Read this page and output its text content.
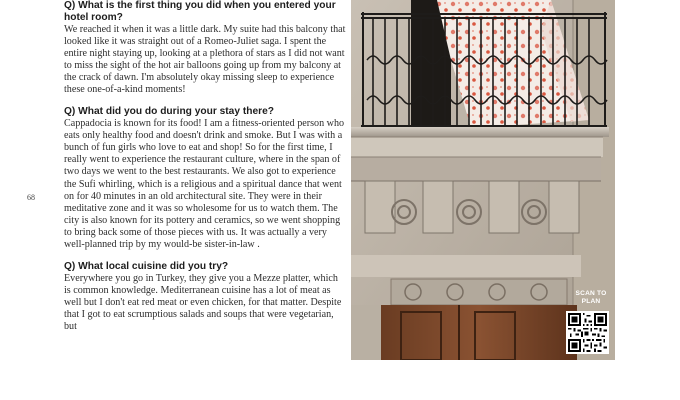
68

Q) What is the first thing you did when you entered your hotel room?

We reached it when it was a little dark. My suite had this balcony that looked like it was straight out of a Romeo-Juliet saga. I spent the entire night staying up, looking at a plethora of stars as I did not want to miss the sight of the hot air balloons going up from my balcony at the crack of dawn. I'm absolutely okay missing sleep to experience these one-of-a-kind moments!

Q) What did you do during your stay there?

Cappadocia is known for its food! I am a fitness-oriented person who eats only healthy food and doesn't drink and smoke. But I was with a bunch of fun girls who love to eat and shop! So for the first time, I really went to experience the restaurant culture, where in the span of two days we went to the best restaurants. We also got to experience the Sufi whirling, which is a religious and a spiritual dance that went on for 40 minutes in an old architectural site. They were in their meditative zone and it was so wholesome for us to watch them. The city is also known for its pottery and ceramics, so we went shopping to bring back some of those pieces with us. It was actually a very well-planned trip by my would-be sister-in-law .

Q) What local cuisine did you try?

Everywhere you go in Turkey, they give you a Mezze platter, which is common knowledge. Mediterranean cuisine has a lot of meat as well but I don't eat red meat or even chicken, for that matter. Despite that I got to eat scrumptious salads and soups that were vegetarian, but

SCAN TO PLAN
